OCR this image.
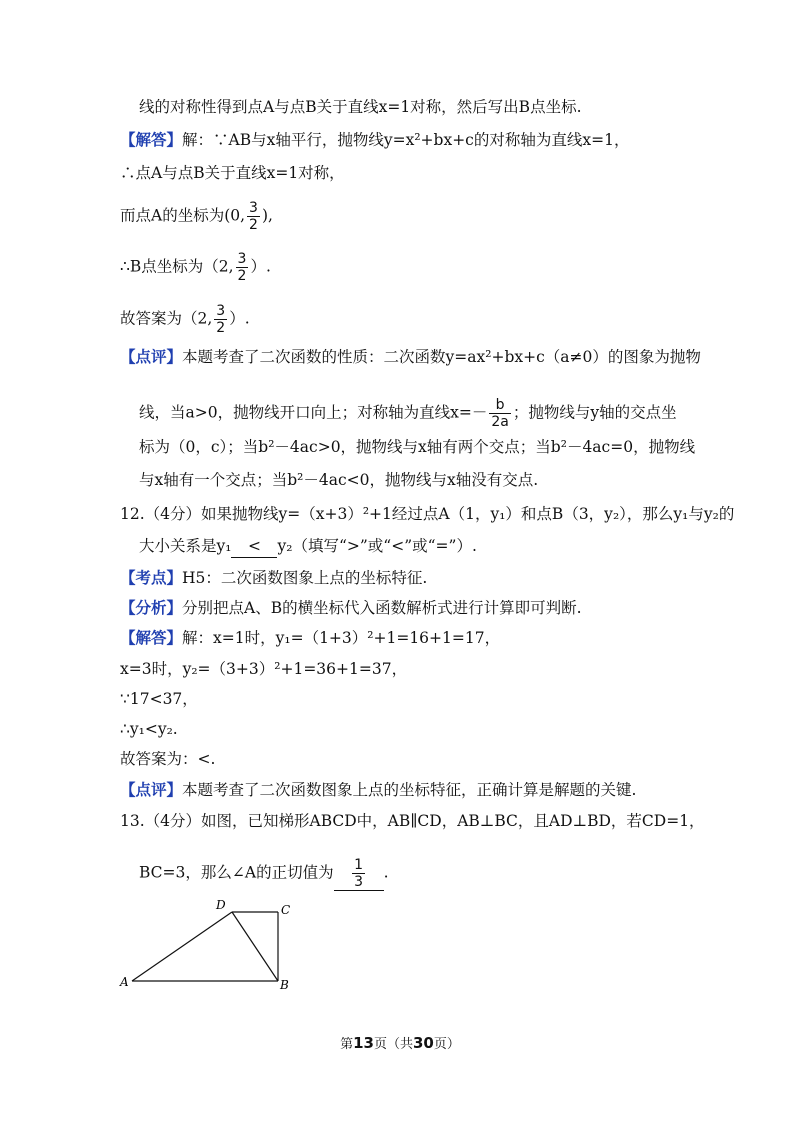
线的对称性得到点A与点B关于直线x=1对称，然后写出B点坐标.
【解答】解：∵AB与x轴平行，抛物线y=x²+bx+c的对称轴为直线x=1，
∴点A与点B关于直线x=1对称，
而点A的坐标为(0, $\frac{3}{2}$ ),
∴B点坐标为（2, $\frac{3}{2}$ ）.
故答案为（2, $\frac{3}{2}$ ）.
【点评】本题考查了二次函数的性质：二次函数y=ax²+bx+c（a≠0）的图象为抛物
线，当a>0，抛物线开口向上；对称轴为直线$x=- \frac{b}{2a}$ ；抛物线与y轴的交点坐
标为（0，c）；当b²－4ac>0，抛物线与x轴有两个交点；当b²－4ac=0，抛物线
与x轴有一个交点；当b²－4ac<0，抛物线与x轴没有交点.
12.（4分）如果抛物线y=（x+3）²+1经过点A（1，y₁）和点B（3，y₂），那么y₁与y₂的
大小关系是y₁ < y₂（填写“>”或“<”或“=”）.
【考点】H5：二次函数图象上点的坐标特征.
【分析】分别把点A、B的横坐标代入函数解析式进行计算即可判断.
【解答】解：x=1时，y₁=（1+3）²+1=16+1=17，
x=3时，y₂=（3+3）²+1=36+1=37，
∵17<37，
∴y₁<y₂.
故答案为：<.
【点评】本题考查了二次函数图象上点的坐标特征，正确计算是解题的关键.
13.（4分）如图，已知梯形ABCD中，AB∥CD，AB⊥BC，且AD⊥BD，若CD=1，
BC=3，那么∠A的正切值为 $\frac{1}{3}$ .
A	B
C
D
第13页（共30页）
